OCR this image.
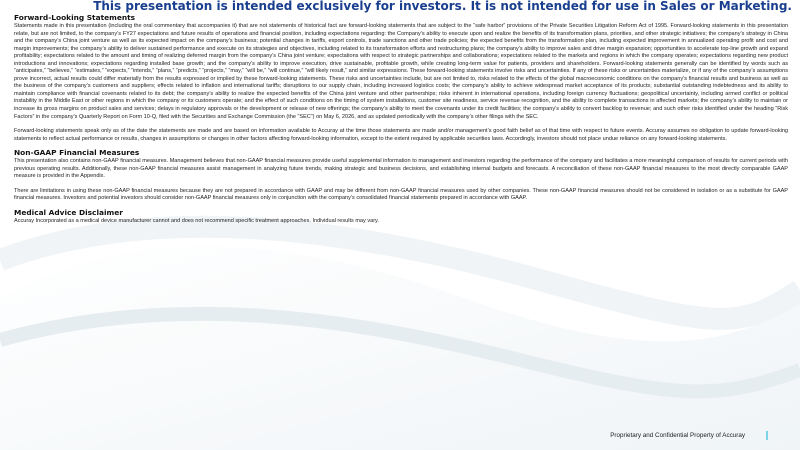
This presentation is intended exclusively for investors. It is not intended for use in Sales or Marketing.
Forward-Looking Statements

Statements made in this presentation (including the oral commentary that accompanies it) that are not statements of historical fact are forward-looking statements that are subject to the “safe harbor” provisions of the Private Securities Litigation Reform Act of 1995. Forward-looking statements in this presentation relate, but are not limited, to the company’s FY27 expectations and future results of operations and financial position, including expectations regarding: the Company’s ability to execute upon and realize the benefits of its transformation plans, priorities, and other strategic initiatives; the company’s strategy in China and the company’s China joint venture as well as its expected impact on the company’s business; potential changes in tariffs, export controls, trade sanctions and other trade policies; the expected benefits from the transformation plan, including expected improvement in annualized operating profit and cost and margin improvements; the company’s ability to deliver sustained performance and execute on its strategies and objectives, including related to its transformation efforts and restructuring plans; the company’s ability to improve sales and drive margin expansion; opportunities to accelerate top-line growth and expand profitability; expectations related to the amount and timing of realizing deferred margin from the company’s China joint venture; expectations with respect to strategic partnerships and collaborations; expectations related to the markets and regions in which the company operates; expectations regarding new product introductions and innovations; expectations regarding installed base growth; and the company’s ability to improve execution, drive sustainable, profitable growth, while creating long-term value for patients, providers and shareholders. Forward-looking statements generally can be identified by words such as “anticipates,” “believes,” “estimates,” “expects,” “intends,” “plans,” “predicts,” “projects,” “may,” “will be,” “will continue,” “will likely result,” and similar expressions. These forward-looking statements involve risks and uncertainties. If any of these risks or uncertainties materialize, or if any of the company’s assumptions prove incorrect, actual results could differ materially from the results expressed or implied by these forward-looking statements. These risks and uncertainties include, but are not limited to, risks related to the effects of the global macroeconomic conditions on the company’s financial results and business as well as the business of the company’s customers and suppliers; effects related to inflation and international tariffs; disruptions to our supply chain, including increased logistics costs; the company’s ability to achieve widespread market acceptance of its products; substantial outstanding indebtedness and its ability to maintain compliance with financial covenants related to its debt; the company’s ability to realize the expected benefits of the China joint venture and other partnerships; risks inherent in international operations, including foreign currency fluctuations; geopolitical uncertainty, including armed conflict or political instability in the Middle East or other regions in which the company or its customers operate; and the effect of such conditions on the timing of system installations, customer site readiness, service revenue recognition, and the ability to complete transactions in affected markets; the company’s ability to maintain or increase its gross margins on product sales and services; delays in regulatory approvals or the development or release of new offerings; the company’s ability to meet the covenants under its credit facilities; the company’s ability to convert backlog to revenue; and such other risks identified under the heading “Risk Factors” in the company’s Quarterly Report on Form 10-Q, filed with the Securities and Exchange Commission (the “SEC”) on May 6, 2026, and as updated periodically with the company’s other filings with the SEC.

Forward-looking statements speak only as of the date the statements are made and are based on information available to Accuray at the time those statements are made and/or management’s good faith belief as of that time with respect to future events. Accuray assumes no obligation to update forward-looking statements to reflect actual performance or results, changes in assumptions or changes in other factors affecting forward-looking information, except to the extent required by applicable securities laws. Accordingly, investors should not place undue reliance on any forward-looking statements.

Non-GAAP Financial Measures

This presentation also contains non-GAAP financial measures. Management believes that non-GAAP financial measures provide useful supplemental information to management and investors regarding the performance of the company and facilitates a more meaningful comparison of results for current periods with previous operating results. Additionally, these non-GAAP financial measures assist management in analyzing future trends, making strategic and business decisions, and establishing internal budgets and forecasts. A reconciliation of these non-GAAP financial measures to the most directly comparable GAAP measure is provided in the Appendix.

There are limitations in using these non-GAAP financial measures because they are not prepared in accordance with GAAP and may be different from non-GAAP financial measures used by other companies. These non-GAAP financial measures should not be considered in isolation or as a substitute for GAAP financial measures. Investors and potential investors should consider non-GAAP financial measures only in conjunction with the company’s consolidated financial statements prepared in accordance with GAAP.

Medical Advice Disclaimer

Accuray Incorporated as a medical device manufacturer cannot and does not recommend specific treatment approaches. Individual results may vary.

Proprietary and Confidential Property of Accuray
